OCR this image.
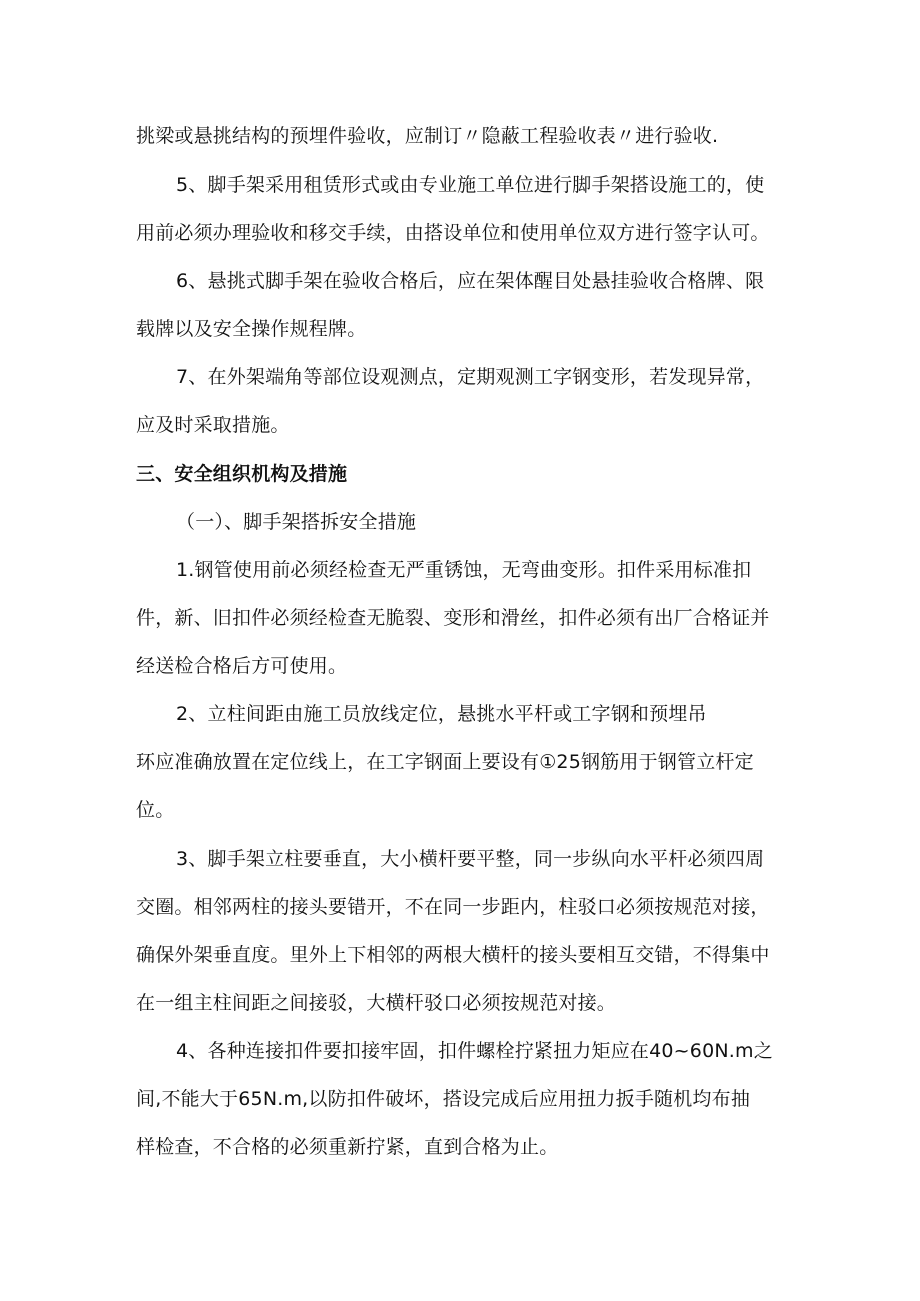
挑梁或悬挑结构的预埋件验收，应制订〃隐蔽工程验收表〃进行验收.
5、脚手架采用租赁形式或由专业施工单位进行脚手架搭设施工的，使
用前必须办理验收和移交手续，由搭设单位和使用单位双方进行签字认可。
6、悬挑式脚手架在验收合格后，应在架体醒目处悬挂验收合格牌、限
载牌以及安全操作规程牌。
7、在外架端角等部位设观测点，定期观测工字钢变形，若发现异常，
应及时采取措施。
三、安全组织机构及措施
（一）、脚手架搭拆安全措施
1.钢管使用前必须经检查无严重锈蚀，无弯曲变形。扣件采用标准扣
件，新、旧扣件必须经检查无脆裂、变形和滑丝，扣件必须有出厂合格证并
经送检合格后方可使用。
2、立柱间距由施工员放线定位，悬挑水平杆或工字钢和预埋吊
环应准确放置在定位线上，在工字钢面上要设有①25钢筋用于钢管立杆定
位。
3、脚手架立柱要垂直，大小横杆要平整，同一步纵向水平杆必须四周
交圈。相邻两柱的接头要错开，不在同一步距内，柱驳口必须按规范对接，
确保外架垂直度。里外上下相邻的两根大横杆的接头要相互交错，不得集中
在一组主柱间距之间接驳，大横杆驳口必须按规范对接。
4、各种连接扣件要扣接牢固，扣件螺栓拧紧扭力矩应在40~60N.m之
间,不能大于65N.m,以防扣件破坏，搭设完成后应用扭力扳手随机均布抽
样检查，不合格的必须重新拧紧，直到合格为止。
